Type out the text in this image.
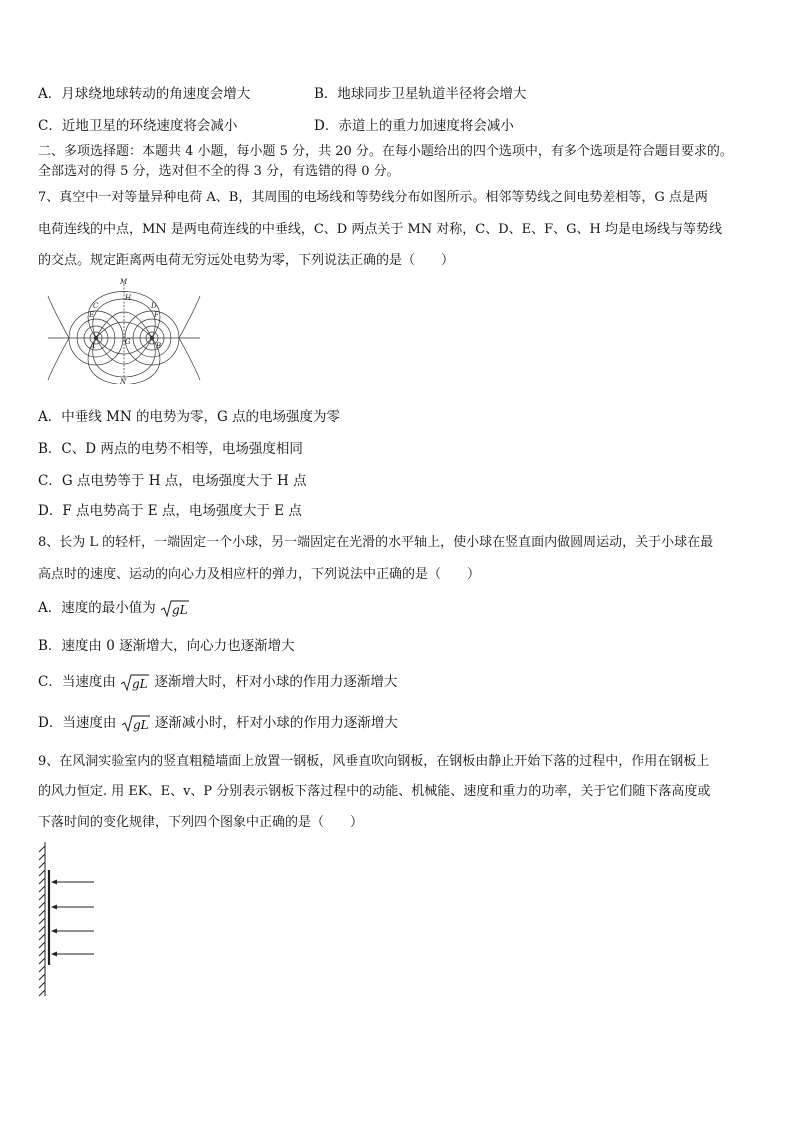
A．月球绕地球转动的角速度会增大	B．地球同步卫星轨道半径将会增大
C．近地卫星的环绕速度将会减小	D．赤道上的重力加速度将会减小
二、多项选择题：本题共 4 小题，每小题 5 分，共 20 分。在每小题给出的四个选项中，有多个选项是符合题目要求的。
全部选对的得 5 分，选对但不全的得 3 分，有选错的得 0 分。
7、真空中一对等量异种电荷 A、B，其周围的电场线和等势线分布如图所示。相邻等势线之间电势差相等，G 点是两
电荷连线的中点，MN 是两电荷连线的中垂线，C、D 两点关于 MN 对称，C、D、E、F、G、H 均是电场线与等势线
的交点。规定距离两电荷无穷远处电势为零，下列说法正确的是（　　）
M
N
C	D
E	F
G
H
A	B
A．中垂线 MN 的电势为零，G 点的电场强度为零
B．C、D 两点的电势不相等，电场强度相同
C．G 点电势等于 H 点，电场强度大于 H 点
D．F 点电势高于 E 点，电场强度大于 E 点
8、长为 L 的轻杆，一端固定一个小球，另一端固定在光滑的水平轴上，使小球在竖直面内做圆周运动，关于小球在最
高点时的速度、运动的向心力及相应杆的弹力，下列说法中正确的是（　　）
A．速度的最小值为 gL
B．速度由 0 逐渐增大，向心力也逐渐增大
C．当速度由 gL 逐渐增大时，杆对小球的作用力逐渐增大
D．当速度由 gL 逐渐减小时，杆对小球的作用力逐渐增大
9、在风洞实验室内的竖直粗糙墙面上放置一钢板，风垂直吹向钢板，在钢板由静止开始下落的过程中，作用在钢板上
的风力恒定. 用 EK、E、v、P 分别表示钢板下落过程中的动能、机械能、速度和重力的功率，关于它们随下落高度或
下落时间的变化规律，下列四个图象中正确的是（　　）
